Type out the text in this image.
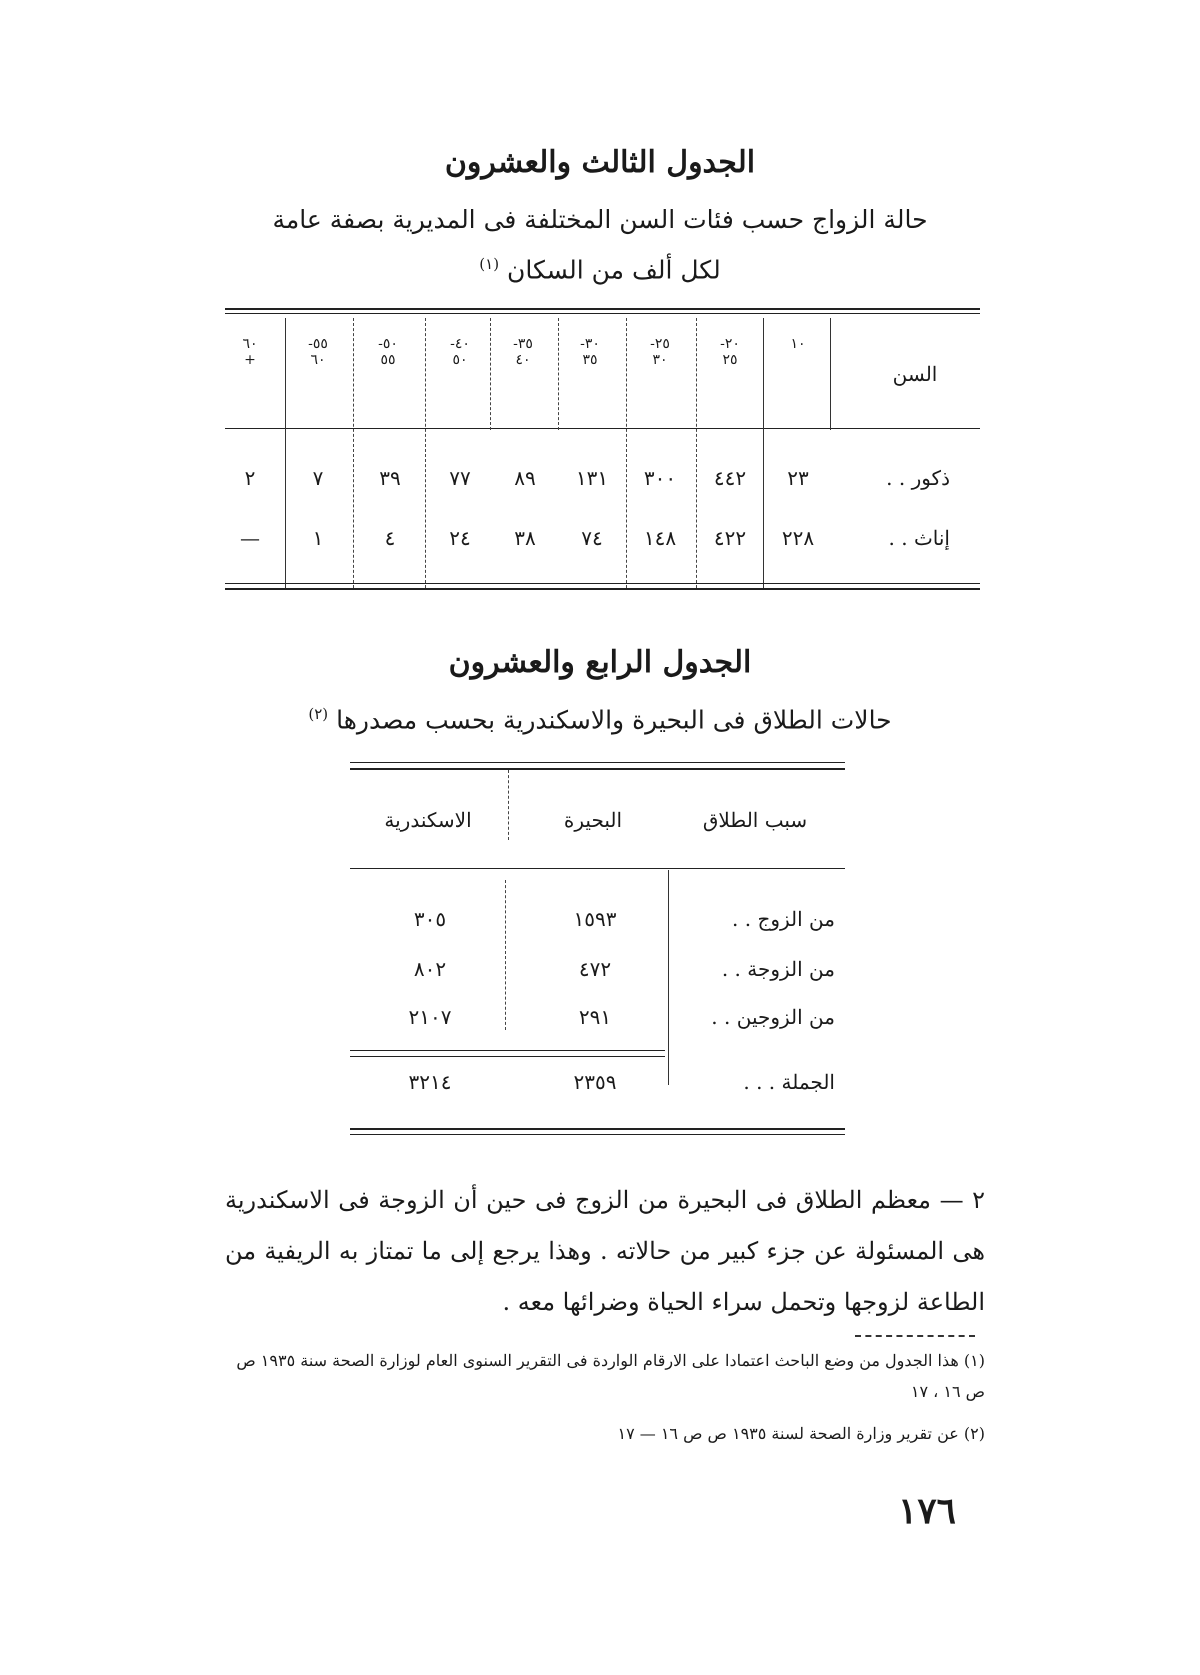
الجدول الثالث والعشرون
حالة الزواج حسب فئات السن المختلفة فى المديرية بصفة عامة
لكل ألف من السكان $^{(١)}$
السن
١٠
٢٠-٢٥
٢٥-٣٠
٣٠-٣٥
٣٥-٤٠
٤٠-٥٠
٥٠-٥٥
٥٥-٦٠
٦٠+
ذكور . .
٢٣
٤٤٢
٣٠٠
١٣١
٨٩
٧٧
٣٩
٧
٢
إناث . .
٢٢٨
٤٢٢
١٤٨
٧٤
٣٨
٢٤
٤
١
—
الجدول الرابع والعشرون
حالات الطلاق فى البحيرة والاسكندرية بحسب مصدرها $^{(٢)}$
سبب الطلاق
البحيرة
الاسكندرية
من الزوج . .
١٥٩٣
٣٠٥
من الزوجة . .
٤٧٢
٨٠٢
من الزوجين . .
٢٩١
٢١٠٧
الجملة . . .
٢٣٥٩
٣٢١٤
٢ — معظم الطلاق فى البحيرة من الزوج فى حين أن الزوجة فى الاسكندرية هى المسئولة عن جزء كبير من حالاته . وهذا يرجع إلى ما تمتاز به الريفية من الطاعة لزوجها وتحمل سراء الحياة وضرائها معه .
(١) هذا الجدول من وضع الباحث اعتمادا على الارقام الواردة فى التقرير السنوى العام لوزارة الصحة سنة ١٩٣٥ ص ص ١٦ ، ١٧
(٢) عن تقرير وزارة الصحة لسنة ١٩٣٥ ص ص ١٦ — ١٧
١٧٦
